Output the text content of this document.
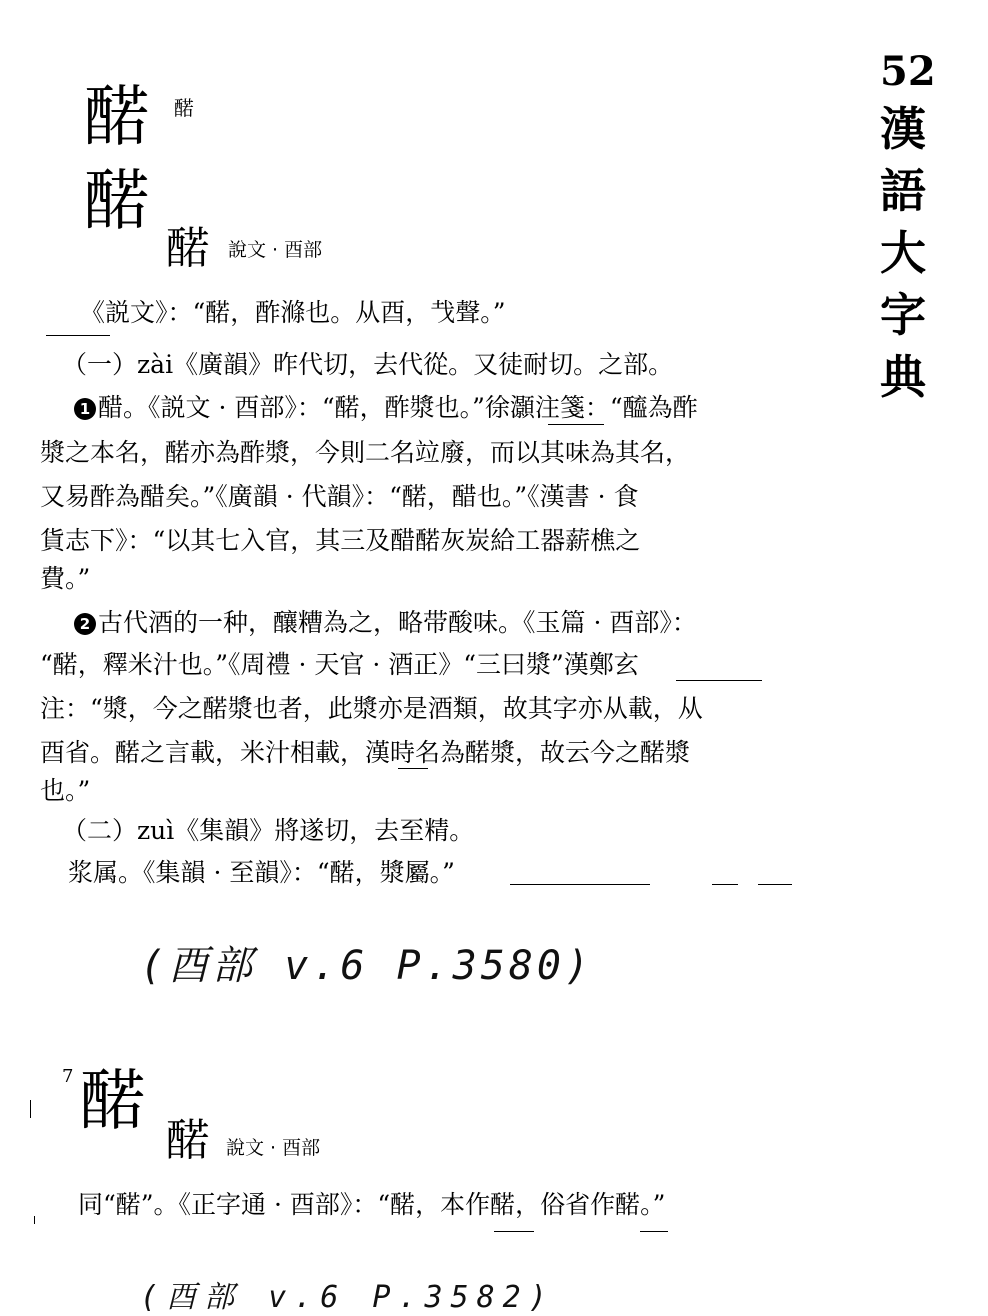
52
漢語大字典
䤀 䤀
䤀
䤀 說文 · 酉部
《説文》：“䤀，酢滌也。从酉，𢦏聲。”
（一）zài《廣韻》昨代切，去代從。又徒耐切。之部。
1 醋。《説文 · 酉部》：“䤀，酢漿也。”徐灝注箋：“醯為酢
漿之本名，䤀亦為酢漿，今則二名竝廢，而以其味為其名，
又易酢為醋矣。”《廣韻 · 代韻》：“䤀，醋也。”《漢書 · 食
貨志下》：“以其七入官，其三及醋䤀灰炭給工器薪樵之
費。”
2 古代酒的一种，釀糟為之，略带酸味。《玉篇 · 酉部》：
“䤀，釋米汁也。”《周禮 · 天官 · 酒正》“三曰漿”漢鄭玄
注：“漿，今之䤀漿也者，此漿亦是酒類，故其字亦从載，从
酉省。䤀之言載，米汁相載，漢時名為䤀漿，故云今之䤀漿
也。”
（二）zuì《集韻》將遂切，去至精。
浆属。《集韻 · 至韻》：“䤀，漿屬。”
(酉部 v.6 P.3580)
7 䤀
䤀 說文 · 酉部
同“䤀”。《正字通 · 酉部》：“䤀，本作䤀，俗省作䤀。”
(酉部 v.6 P.3582)
